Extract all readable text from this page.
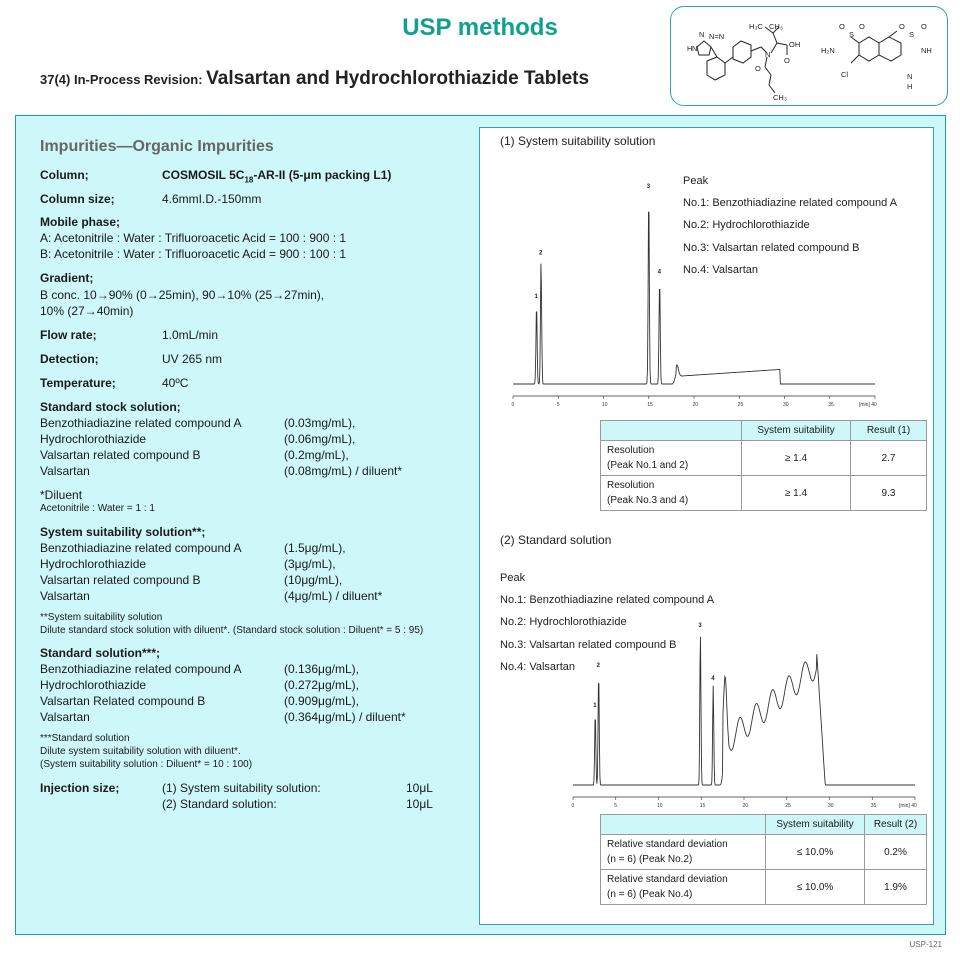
USP methods
37(4) In-Process Revision: Valsartan and Hydrochlorothiazide Tablets
N
H N
N=N
H₃C CH₃
N
O
OH
O
CH₃
O O	O O
S	S
H₂N	NH
Cl	N
H
Impurities—Organic Impurities
Column;	COSMOSIL $5C_{18}-AR-II$ (5-μm packing L1)
Column size;	4.6mmI.D.-150mm
Mobile phase;
A: Acetonitrile : Water : Trifluoroacetic Acid = 100 : 900 : 1
B: Acetonitrile : Water : Trifluoroacetic Acid = 900 : 100 : 1
Gradient;
B conc. 10→90% (0→25min), 90→10% (25→27min),
10% (27→40min)
Flow rate;	1.0mL/min
Detection;	UV 265 nm
Temperature;	40ºC
Standard stock solution;
Benzothiadiazine related compound A	(0.03mg/mL),
Hydrochlorothiazide	(0.06mg/mL),
Valsartan related compound B	(0.2mg/mL),
Valsartan	(0.08mg/mL) / diluent*
*Diluent
Acetonitrile : Water = 1 : 1
System suitability solution**;
Benzothiadiazine related compound A	(1.5μg/mL),
Hydrochlorothiazide	(3μg/mL),
Valsartan related compound B	(10μg/mL),
Valsartan	(4μg/mL) / diluent*
**System suitability solution
Dilute standard stock solution with diluent*. (Standard stock solution : Diluent* = 5 : 95)
Standard solution***;
Benzothiadiazine related compound A	(0.136μg/mL),
Hydrochlorothiazide	(0.272μg/mL),
Valsartan Related compound B	(0.909μg/mL),
Valsartan	(0.364μg/mL) / diluent*
***Standard solution
Dilute system suitability solution with diluent*.
(System suitability solution : Diluent* = 10 : 100)
Injection size;	(1) System suitability solution:	10μL
(2) Standard solution:	10μL
(1) System suitability solution
Peak
No.1: Benzothiadiazine related compound A
No.2: Hydrochlorothiazide
No.3: Valsartan related compound B
No.4: Valsartan
0	5	10	15	20	25	30	35	[min] 40
1
2
3
4
	System suitability	Result (1)
Resolution
(Peak No.1 and 2)	≥ 1.4	2.7
Resolution
(Peak No.3 and 4)	≥ 1.4	9.3
(2) Standard solution
Peak
No.1: Benzothiadiazine related compound A
No.2: Hydrochlorothiazide
No.3: Valsartan related compound B
No.4: Valsartan
0	5	10	15	20	25	30	35	[min] 40
1
2
3
4
	System suitability	Result (2)
Relative standard deviation
(n = 6) (Peak No.2)	≤ 10.0%	0.2%
Relative standard deviation
(n = 6) (Peak No.4)	≤ 10.0%	1.9%
USP-121
